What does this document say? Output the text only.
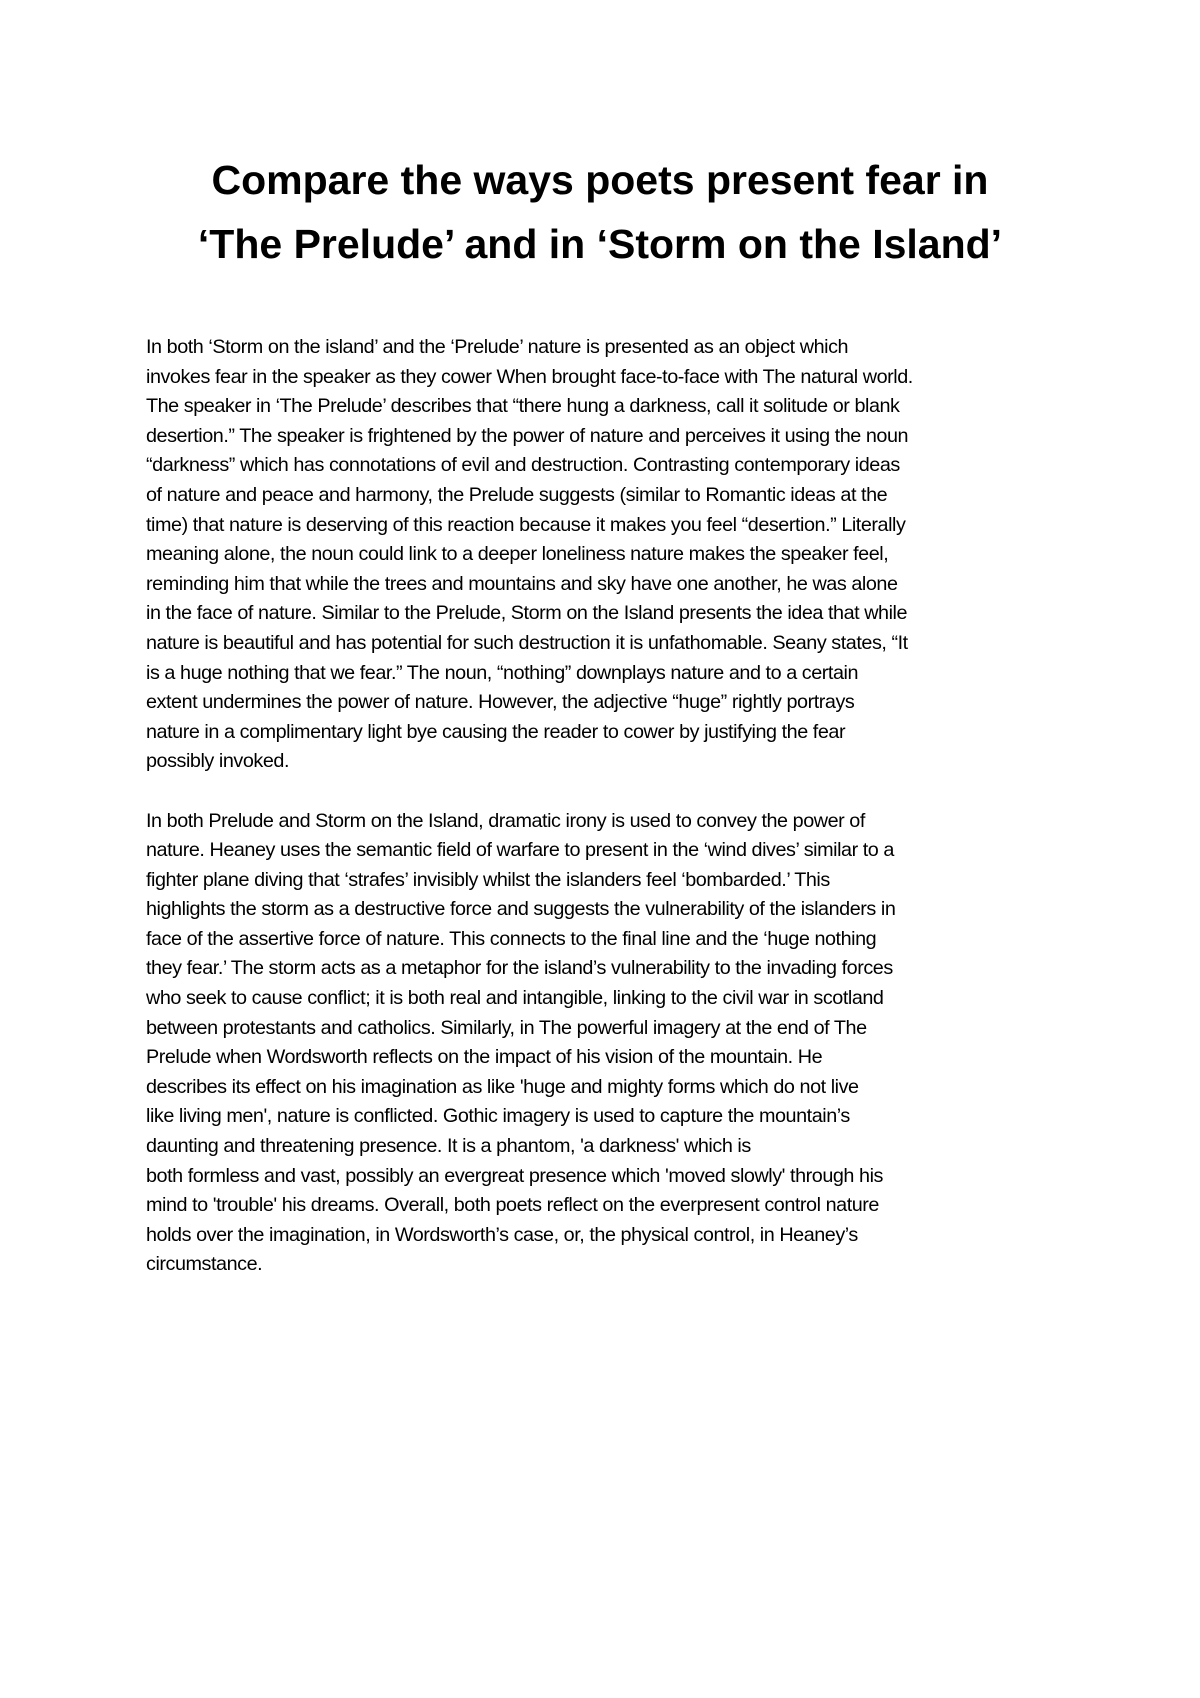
Compare the ways poets present fear in
‘The Prelude’ and in ‘Storm on the Island’

In both ‘Storm on the island’ and the ‘Prelude’ nature is presented as an object which
invokes fear in the speaker as they cower When brought face-to-face with The natural world.
The speaker in ‘The Prelude’ describes that “there hung a darkness, call it solitude or blank
desertion.” The speaker is frightened by the power of nature and perceives it using the noun
“darkness” which has connotations of evil and destruction. Contrasting contemporary ideas
of nature and peace and harmony, the Prelude suggests (similar to Romantic ideas at the
time) that nature is deserving of this reaction because it makes you feel “desertion.” Literally
meaning alone, the noun could link to a deeper loneliness nature makes the speaker feel,
reminding him that while the trees and mountains and sky have one another, he was alone
in the face of nature. Similar to the Prelude, Storm on the Island presents the idea that while
nature is beautiful and has potential for such destruction it is unfathomable. Seany states, “It
is a huge nothing that we fear.” The noun, “nothing” downplays nature and to a certain
extent undermines the power of nature. However, the adjective “huge” rightly portrays
nature in a complimentary light bye causing the reader to cower by justifying the fear
possibly invoked.

In both Prelude and Storm on the Island, dramatic irony is used to convey the power of
nature. Heaney uses the semantic field of warfare to present in the ‘wind dives’ similar to a
fighter plane diving that ‘strafes’ invisibly whilst the islanders feel ‘bombarded.’ This
highlights the storm as a destructive force and suggests the vulnerability of the islanders in
face of the assertive force of nature. This connects to the final line and the ‘huge nothing
they fear.’ The storm acts as a metaphor for the island’s vulnerability to the invading forces
who seek to cause conflict; it is both real and intangible, linking to the civil war in scotland
between protestants and catholics. Similarly, in The powerful imagery at the end of The
Prelude when Wordsworth reflects on the impact of his vision of the mountain. He
describes its effect on his imagination as like 'huge and mighty forms which do not live
like living men', nature is conflicted. Gothic imagery is used to capture the mountain’s
daunting and threatening presence. It is a phantom, 'a darkness' which is
both formless and vast, possibly an evergreat presence which 'moved slowly' through his
mind to 'trouble' his dreams. Overall, both poets reflect on the everpresent control nature
holds over the imagination, in Wordsworth’s case, or, the physical control, in Heaney’s
circumstance.
